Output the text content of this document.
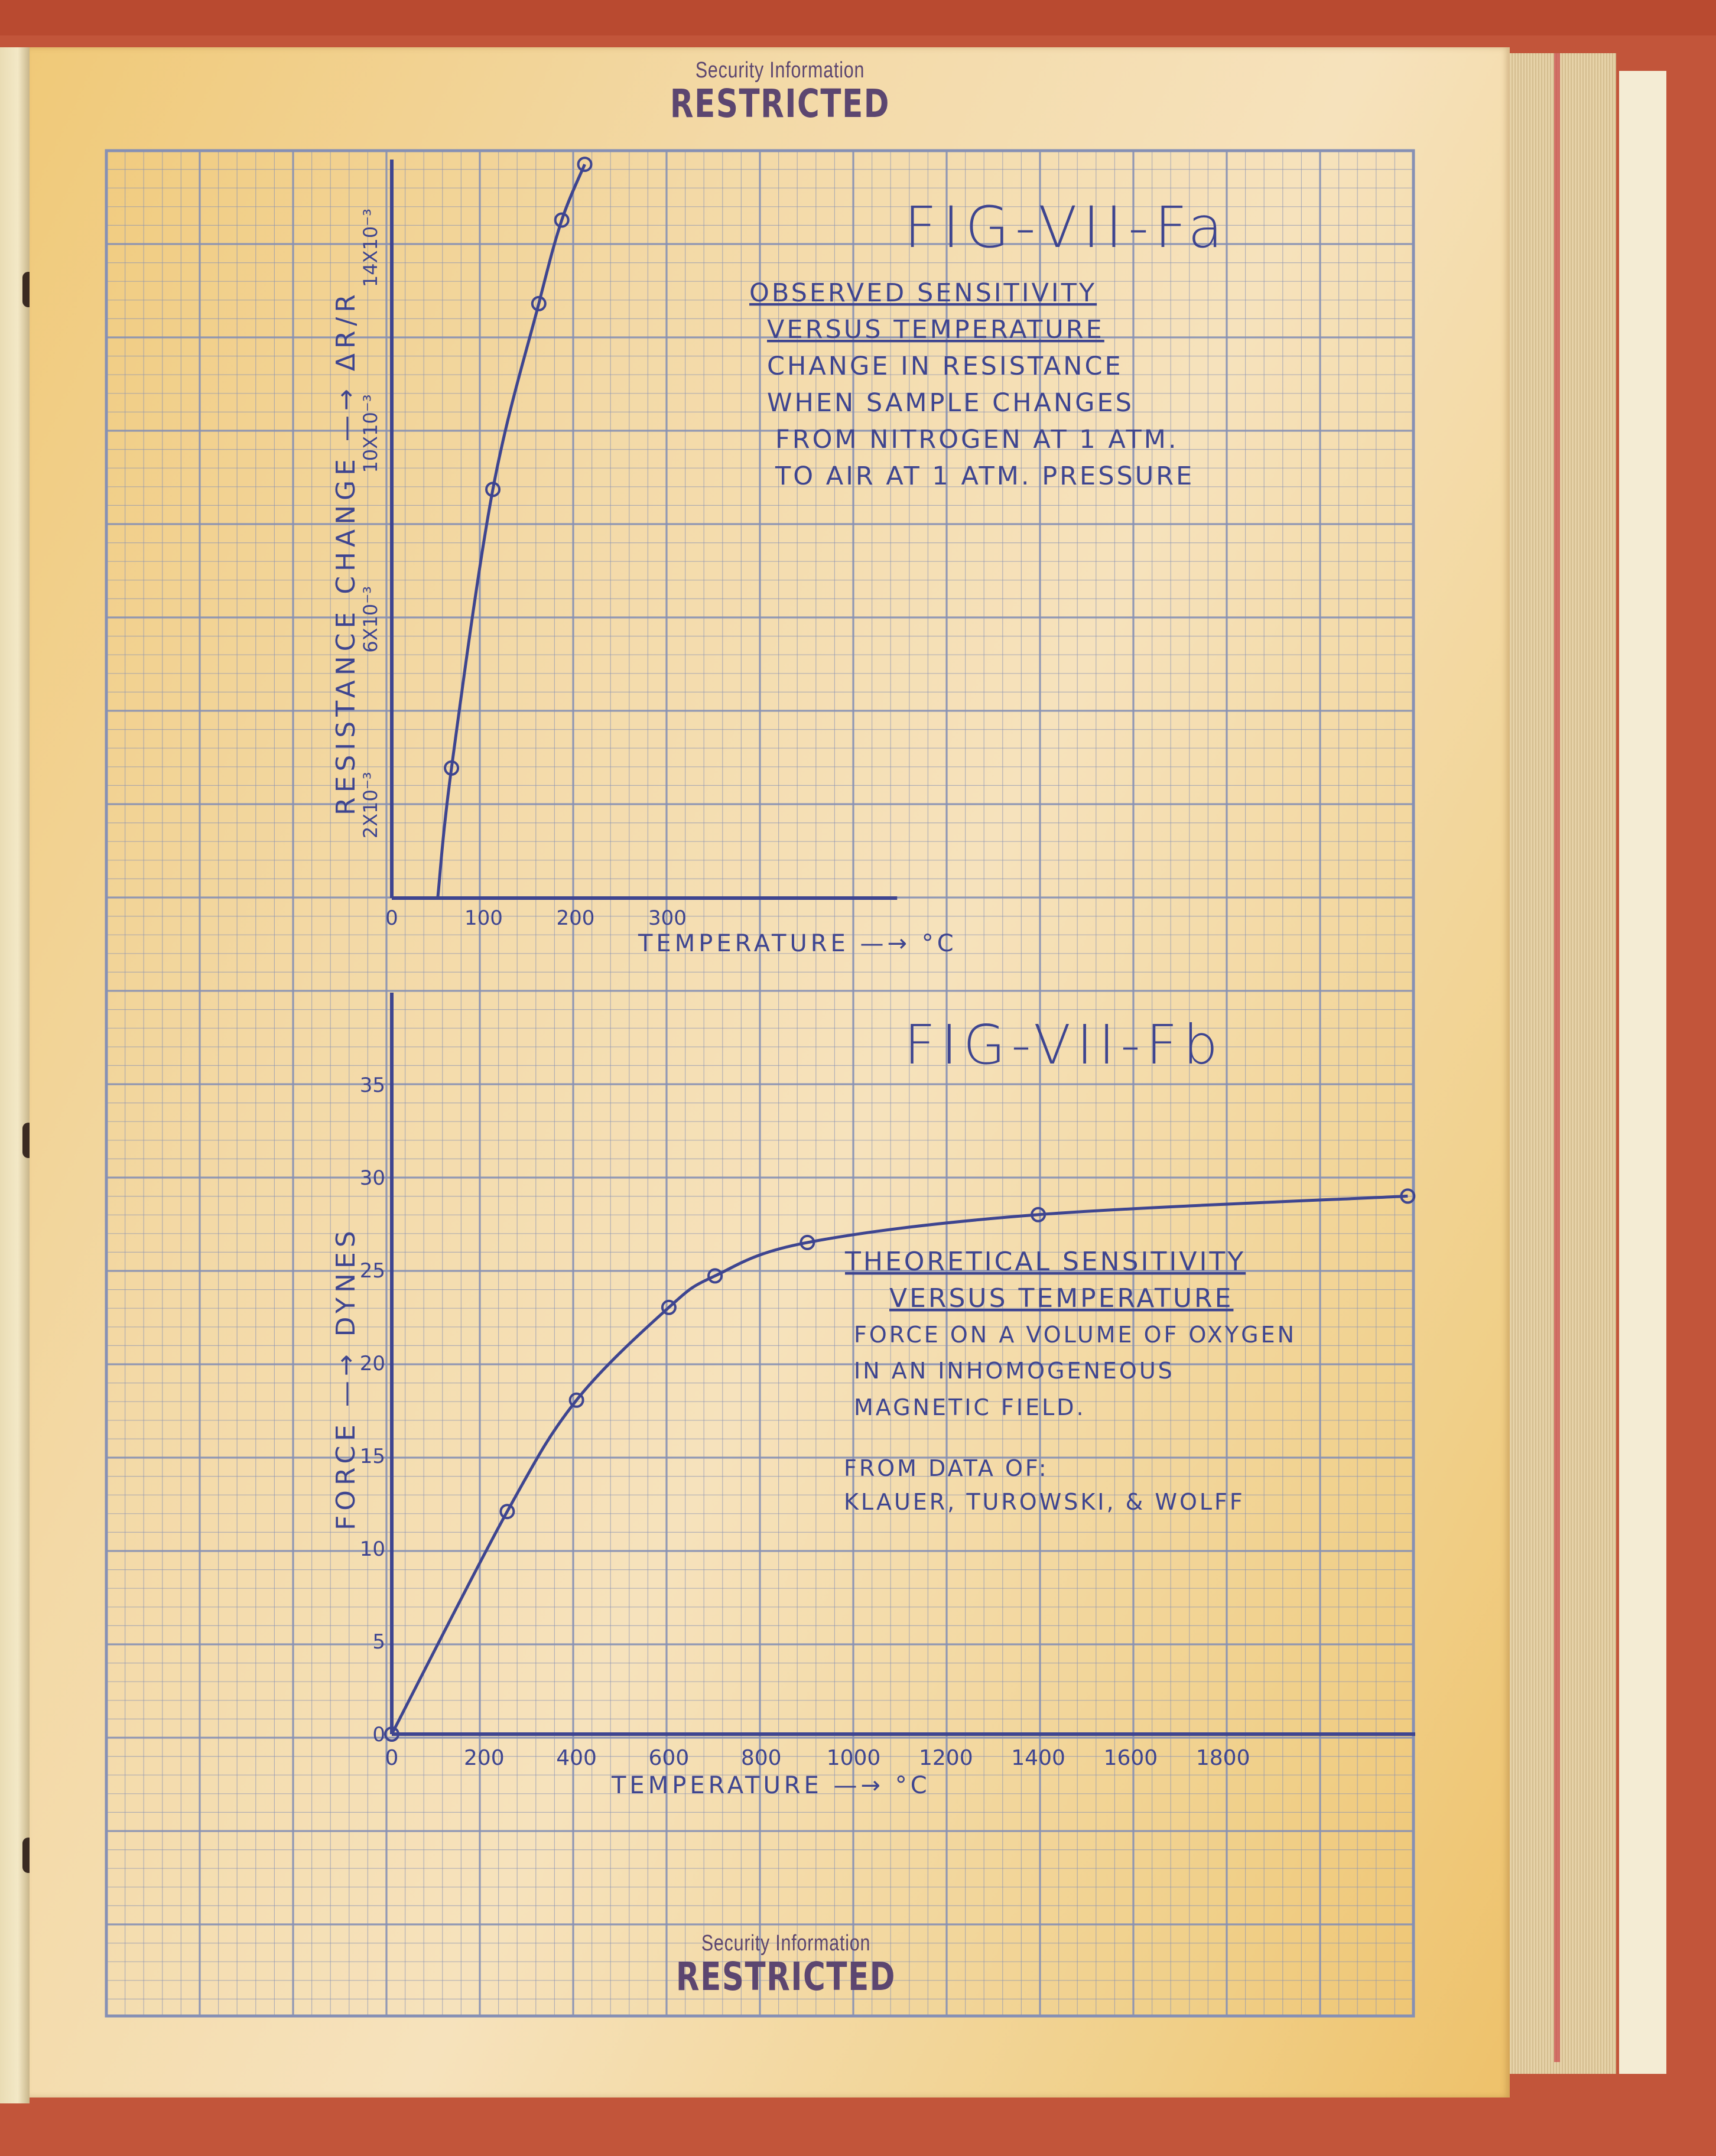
0	100	200	300
2X10⁻³
6X10⁻³
10X10⁻³
14X10⁻³
TEMPERATURE —→ °C
RESISTANCE CHANGE —→ ΔR/R
FIG-VII-Fa
OBSERVED SENSITIVITY
VERSUS TEMPERATURE
CHANGE IN RESISTANCE
WHEN SAMPLE CHANGES
FROM NITROGEN AT 1 ATM.
TO AIR AT 1 ATM. PRESSURE
0	200 400 600 800 1000 1200 1400 1600 1800
0
5
10
15
20
25
30
35
TEMPERATURE —→ °C
FORCE —→ DYNES
FIG-VII-Fb
THEORETICAL SENSITIVITY
VERSUS TEMPERATURE
FORCE ON A VOLUME OF OXYGEN
IN AN INHOMOGENEOUS
MAGNETIC FIELD.
FROM DATA OF:
KLAUER, TUROWSKI, & WOLFF
Security Information
RESTRICTED
Security Information
RESTRICTED
